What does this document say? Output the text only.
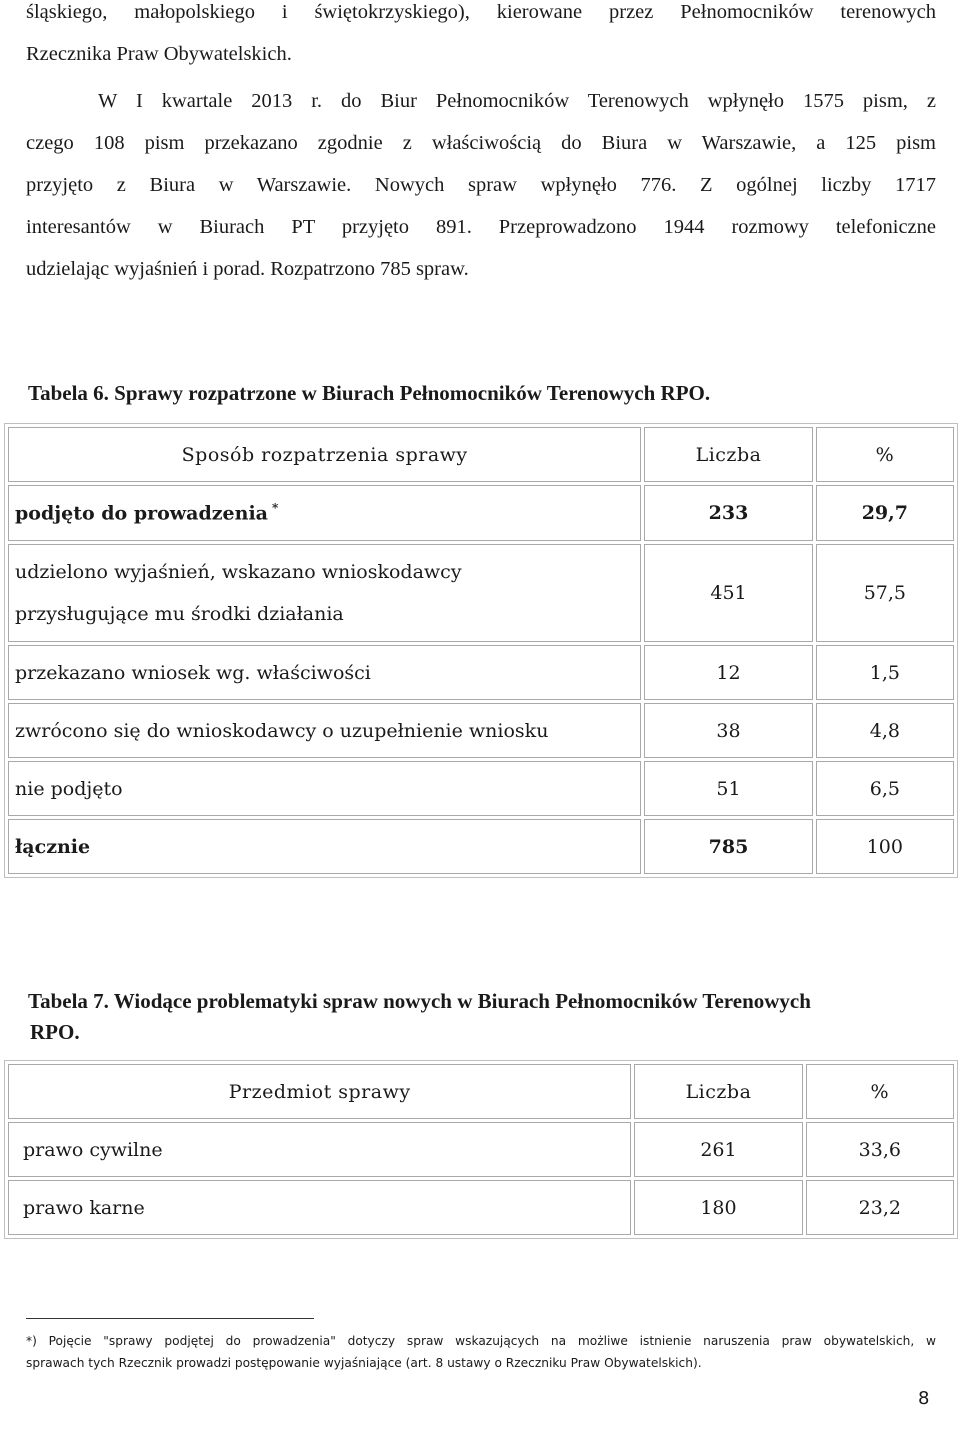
śląskiego, małopolskiego i świętokrzyskiego), kierowane przez Pełnomocników terenowych
Rzecznika Praw Obywatelskich.
W I kwartale 2013 r. do Biur Pełnomocników Terenowych wpłynęło 1575 pism, z
czego 108 pism przekazano zgodnie z właściwością do Biura w Warszawie, a 125 pism
przyjęto z Biura w Warszawie. Nowych spraw wpłynęło 776. Z ogólnej liczby 1717
interesantów w Biurach PT przyjęto 891. Przeprowadzono 1944 rozmowy telefoniczne
udzielając wyjaśnień i porad. Rozpatrzono 785 spraw.

Tabela 6. Sprawy rozpatrzone w Biurach Pełnomocników Terenowych RPO.

Sposób rozpatrzenia sprawy	Liczba	%
podjęto do prowadzenia *	233	29,7

udzielono wyjaśnień, wskazano wnioskodawcy
przysługujące mu środki działania	451	57,5
przekazano wniosek wg. właściwości	12	1,5
zwrócono się do wnioskodawcy o uzupełnienie wniosku	38	4,8
nie podjęto	51	6,5
łącznie	785	100
Tabela 7. Wiodące problematyki spraw nowych w Biurach Pełnomocników Terenowych
RPO.
Przedmiot sprawy	Liczba	%
prawo cywilne	261	33,6
prawo karne	180	23,2
*) Pojęcie "sprawy podjętej do prowadzenia" dotyczy spraw wskazujących na możliwe istnienie naruszenia praw obywatelskich, w
sprawach tych Rzecznik prowadzi postępowanie wyjaśniające (art. 8 ustawy o Rzeczniku Praw Obywatelskich).

8
